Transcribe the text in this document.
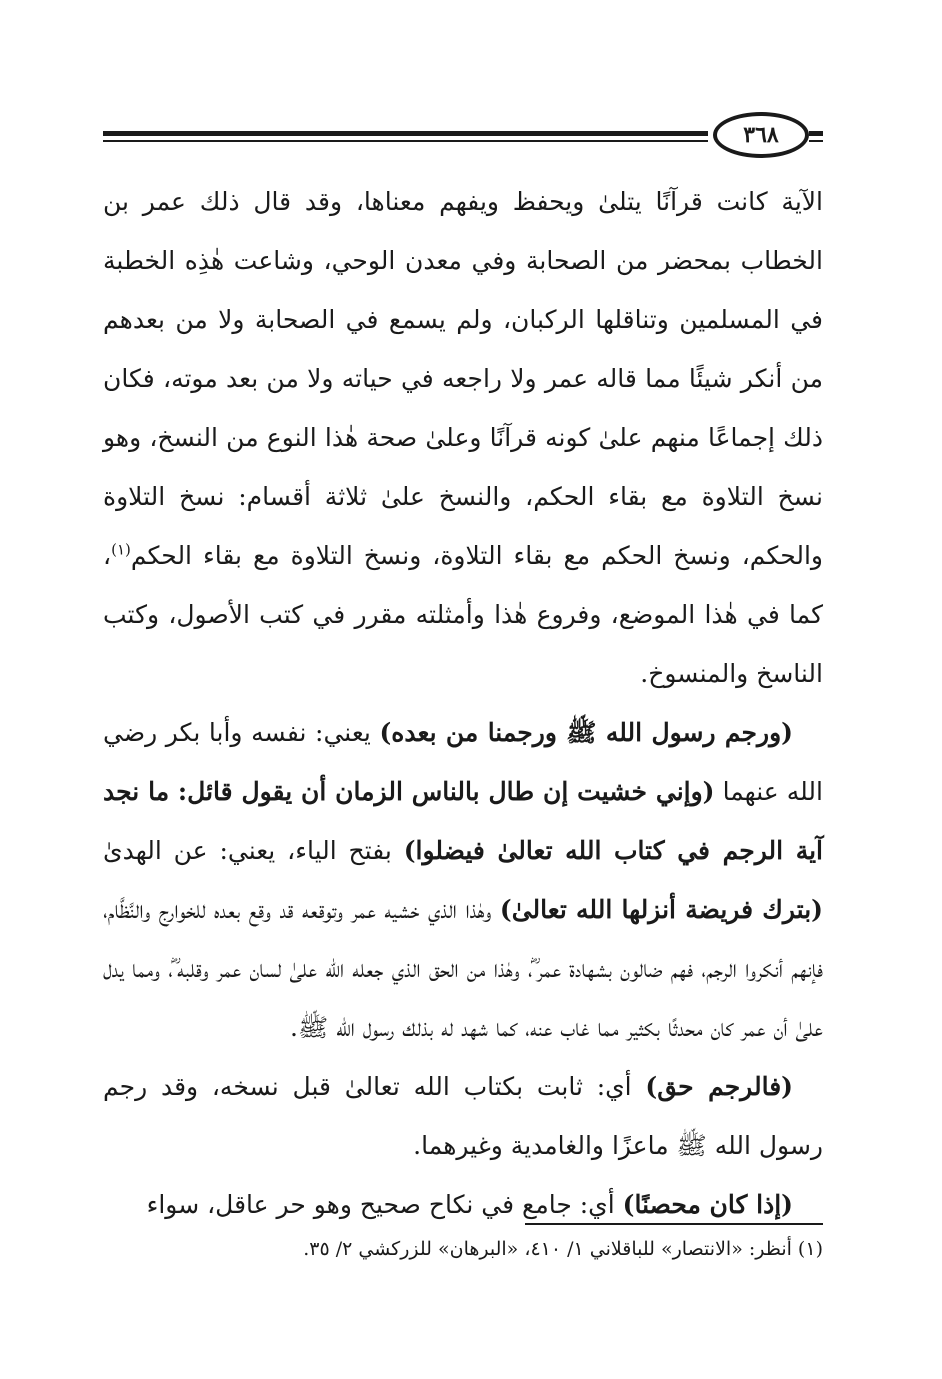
٣٦٨

الآية كانت قرآنًا يتلىٰ ويحفظ ويفهم معناها، وقد قال ذلك عمر بن الخطاب بمحضر من الصحابة وفي معدن الوحي، وشاعت هٰذِه الخطبة في المسلمين وتناقلها الركبان، ولم يسمع في الصحابة ولا من بعدهم من أنكر شيئًا مما قاله عمر ولا راجعه في حياته ولا من بعد موته، فكان ذلك إجماعًا منهم علىٰ كونه قرآنًا وعلىٰ صحة هٰذا النوع من النسخ، وهو نسخ التلاوة مع بقاء الحكم، والنسخ علىٰ ثلاثة أقسام: نسخ التلاوة والحكم، ونسخ الحكم مع بقاء التلاوة، ونسخ التلاوة مع بقاء الحكم$^{(١)}$، كما في هٰذا الموضع، وفروع هٰذا وأمثلته مقرر في كتب الأصول، وكتب الناسخ والمنسوخ.

(ورجم رسول الله ﷺ ورجمنا من بعده) يعني: نفسه وأبا بكر رضي الله عنهما (وإني خشيت إن طال بالناس الزمان أن يقول قائل: ما نجد آية الرجم في كتاب الله تعالىٰ فيضلوا) بفتح الياء، يعني: عن الهدىٰ (بترك فريضة أنزلها الله تعالىٰ) وهٰذا الذي خشيه عمر وتوقعه قد وقع بعده للخوارج والنَّظَّام، فإنهم أنكروا الرجم، فهم ضالون بشهادة عمر ؓ، وهٰذا من الحق الذي جعله الله علىٰ لسان عمر وقلبه ؓ، ومما يدل علىٰ أن عمر كان محدثًا بكثير مما غاب عنه، كما شهد له بذلك رسول الله ﷺ.

(فالرجم حق) أي: ثابت بكتاب الله تعالىٰ قبل نسخه، وقد رجم رسول الله ﷺ ماعزًا والغامدية وغيرهما.

(إذا كان محصنًا) أي: جامع في نكاح صحيح وهو حر عاقل، سواء

(١) أنظر: «الانتصار» للباقلاني ١/ ٤١٠، «البرهان» للزركشي ٢/ ٣٥.
